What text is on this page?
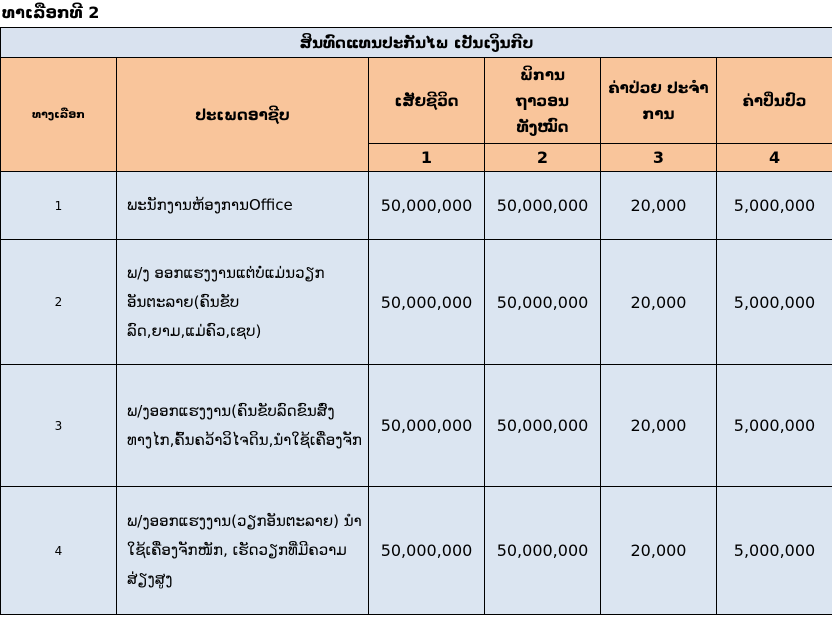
ທາເລືອກທີ 2
ສິນທົດແທນປະກັນໄພ ເປັນເງິນກີບ					
ທາງເລືອກ	ປະເພດອາຊີບ	ເສັຍຊີວິດ	ພິການ ຖາວອນທັງໝົດ	ຄ່າປ່ວຍ ປະຈໍາການ	ຄ່າປິ່ນປົວ
		1	2	3	4
1	ພະນັກງານຫ້ອງການOffice	50,000,000	50,000,000	20,000	5,000,000
2	ພ/ງ ອອກແຮງງານແຕ່ບໍ່ແມ່ນວຽກອັນຕະລາຍ(ຄົນຂັບລົດ,ຍາມ,ແມ່ຄົວ,ເຊບ)	50,000,000	50,000,000	20,000	5,000,000
3	ພ/ງອອກແຮງງານ(ຄົນຂັບລົດຂົນສົ່ງທາງໄກ,ຄົ້ນຄວ້າວິໄຈດິນ,ນໍາໃຊ້ເຄື່ອງຈັກ	50,000,000	50,000,000	20,000	5,000,000
4	ພ/ງອອກແຮງງານ(ວຽກອັນຕະລາຍ) ນໍາໃຊ້ເຄື່ອງຈັກໜັກ, ເຮັດວຽກທີ່ມີຄວາມສ່ຽງສູງ	50,000,000	50,000,000	20,000	5,000,000
